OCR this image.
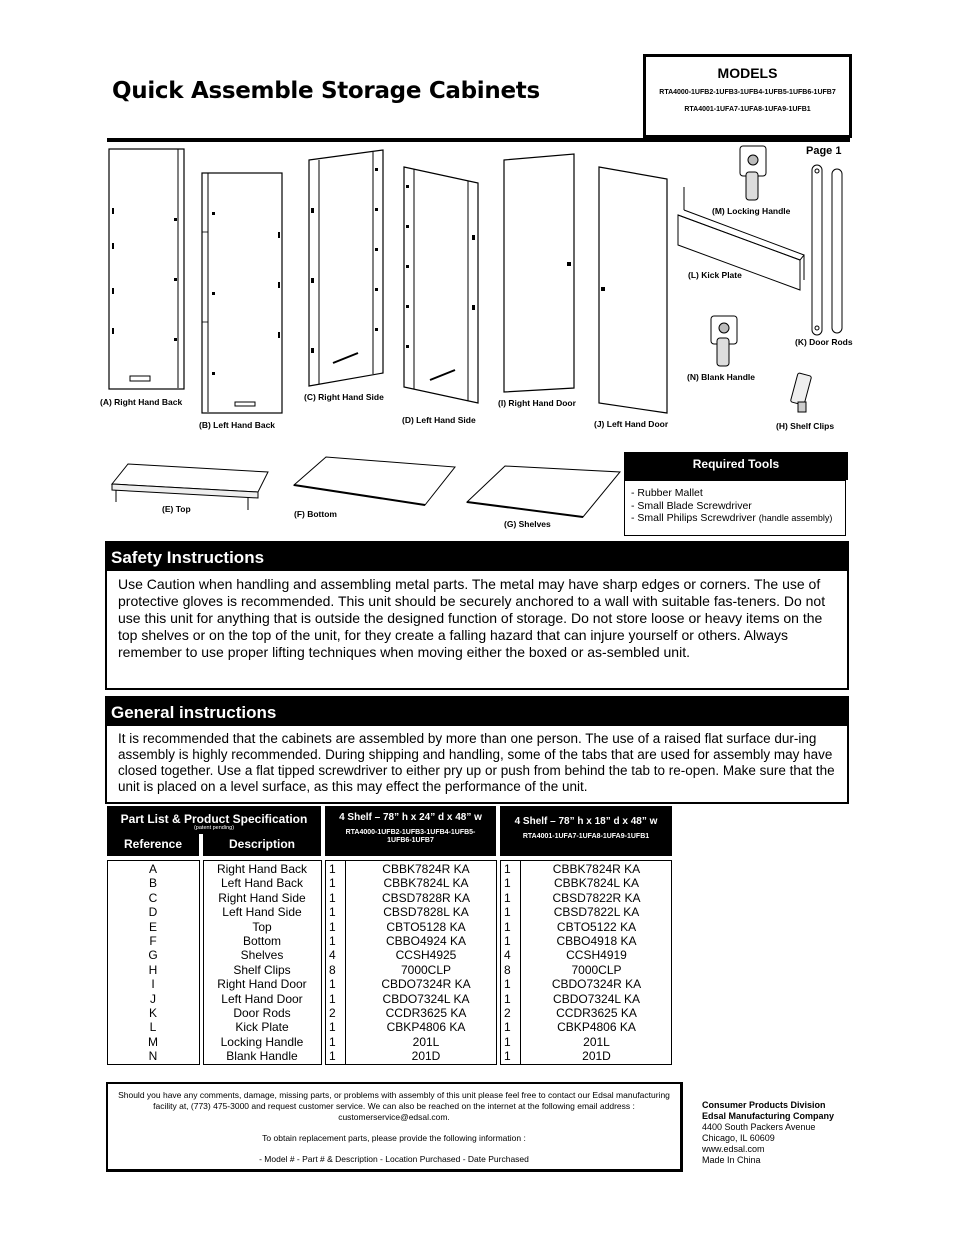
Quick Assemble Storage Cabinets
MODELS
RTA4000-1UFB2-1UFB3-1UFB4-1UFB5-1UFB6-1UFB7
RTA4001-1UFA7-1UFA8-1UFA9-1UFB1
Page 1
(A) Right Hand Back
(B) Left Hand Back
(C) Right Hand Side
(D) Left Hand Side
(I) Right Hand Door
(J) Left Hand Door
(M) Locking Handle
(L) Kick Plate
(K) Door Rods
(N) Blank Handle
(H) Shelf Clips
(E) Top	(F) Bottom
(G) Shelves
Required Tools
- Rubber Mallet
- Small Blade Screwdriver
- Small Philips Screwdriver (handle assembly)
Safety Instructions
Use Caution when handling and assembling metal parts. The metal may have sharp edges or corners. The use of protective gloves is recommended. This unit should be securely anchored to a wall with suitable fas-teners. Do not use this unit for anything that is outside the designed function of storage. Do not store loose or heavy items on the top shelves or on the top of the unit, for they create a falling hazard that can injure yourself or others. Always remember to use proper lifting techniques when moving either the boxed or as-sembled unit.
General instructions
It is recommended that the cabinets are assembled by more than one person. The use of a raised flat surface dur-ing assembly is highly recommended. During shipping and handling, some of the tabs that are used for assembly may have closed together. Use a flat tipped screwdriver to either pry up or push from behind the tab to re-open. Make sure that the unit is placed on a level surface, as this may effect the performance of the unit.
Part List & Product Specification
(patent pending)
Reference	Description
4 Shelf – 78” h x 24” d x 48” w
RTA4000-1UFB2-1UFB3-1UFB4-1UFB5-1UFB6-1UFB7
4 Shelf – 78” h x 18” d x 48” w
RTA4001-1UFA7-1UFA8-1UFA9-1UFB1
A	Right Hand Back	1	CBBK7824R KA	1	CBBK7824R KA
B	Left Hand Back	1	CBBK7824L KA	1	CBBK7824L KA
C	Right Hand Side	1	CBSD7828R KA	1	CBSD7822R KA
D	Left Hand Side	1	CBSD7828L KA	1	CBSD7822L KA
E	Top	1	CBTO5128 KA	1	CBTO5122 KA
F	Bottom	1	CBBO4924 KA	1	CBBO4918 KA
G	Shelves	4	CCSH4925	4	CCSH4919
H	Shelf Clips	8	7000CLP	8	7000CLP
I	Right Hand Door	1	CBDO7324R KA	1	CBDO7324R KA
J	Left Hand Door	1	CBDO7324L KA	1	CBDO7324L KA
K	Door Rods	2	CCDR3625 KA	2	CCDR3625 KA
L	Kick Plate	1	CBKP4806 KA	1	CBKP4806 KA
M	Locking Handle	1	201L	1	201L
N	Blank Handle	1	201D	1	201D
Should you have any comments, damage, missing parts, or problems with assembly of this unit please feel free to contact our Edsal manufacturing facility at, (773) 475-3000 and request customer service. We can also be reached on the internet at the following email address : customerservice@edsal.com.
To obtain replacement parts, please provide the following information :
- Model # - Part # & Description - Location Purchased - Date Purchased
Consumer Products Division
Edsal Manufacturing Company
4400 South Packers Avenue
Chicago, IL 60609
www.edsal.com
Made In China
